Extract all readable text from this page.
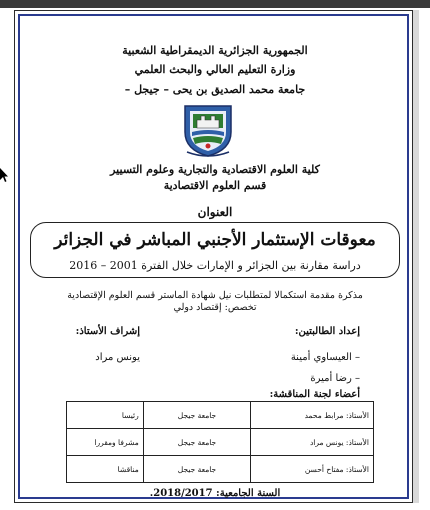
الجمهورية الجزائرية الديمقراطية الشعبية
وزارة التعليم العالي والبحث العلمي
جامعة محمد الصديق بن يحى – جيجل –
كلية العلوم الاقتصادية والتجارية وعلوم التسيير
قسم العلوم الاقتصادية
العنوان
معوقات الإستثمار الأجنبي المباشر في الجزائر
دراسة مقارنة بين الجزائر و الإمارات خلال الفترة 2001 – 2016
مذكرة مقدمة استكمالا لمتطلبات نيل شهادة الماستر قسم العلوم الإقتصادية
تخصص: إقتصاد دولي
إعداد الطالبتين:
إشراف الأستاذ:
– العيساوي أمينة
يونس مراد
– رضا أميرة
أعضاء لجنة المناقشة:
الأستاذ: مرابط محمد	جامعة جيجل	رئيسا
الأستاذ: يونس مراد	جامعة جيجل	مشرفا ومقررا
الأستاذ: مفتاح أحسن	جامعة جيجل	مناقشا
السنة الجامعية: 2018/2017.
